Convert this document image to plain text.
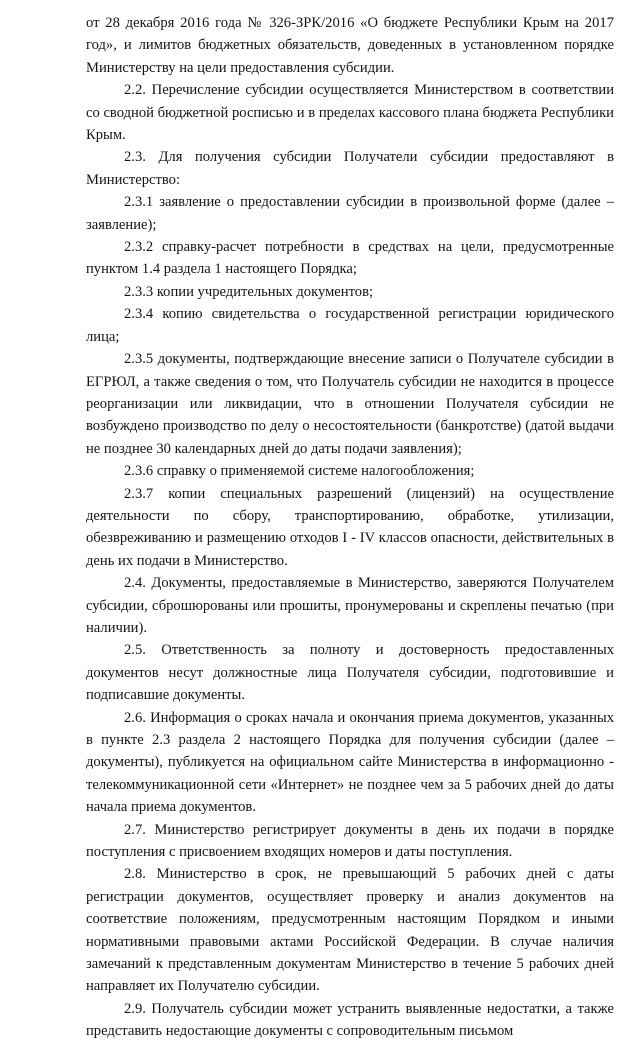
от 28 декабря 2016 года № 326-ЗРК/2016 «О бюджете Республики Крым на 2017 год», и лимитов бюджетных обязательств, доведенных в установленном порядке Министерству на цели предоставления субсидии.

2.2. Перечисление субсидии осуществляется Министерством в соответствии со сводной бюджетной росписью и в пределах кассового плана бюджета Республики Крым.

2.3. Для получения субсидии Получатели субсидии предоставляют в Министерство:

2.3.1 заявление о предоставлении субсидии в произвольной форме (далее – заявление);

2.3.2 справку-расчет потребности в средствах на цели, предусмотренные пунктом 1.4 раздела 1 настоящего Порядка;

2.3.3 копии учредительных документов;

2.3.4 копию свидетельства о государственной регистрации юридического лица;

2.3.5 документы, подтверждающие внесение записи о Получателе субсидии в ЕГРЮЛ, а также сведения о том, что Получатель субсидии не находится в процессе реорганизации или ликвидации, что в отношении Получателя субсидии не возбуждено производство по делу о несостоятельности (банкротстве) (датой выдачи не позднее 30 календарных дней до даты подачи заявления);

2.3.6 справку о применяемой системе налогообложения;

2.3.7 копии специальных разрешений (лицензий) на осуществление деятельности по сбору, транспортированию, обработке, утилизации, обезвреживанию и размещению отходов I - IV классов опасности, действительных в день их подачи в Министерство.

2.4. Документы, предоставляемые в Министерство, заверяются Получателем субсидии, сброшюрованы или прошиты, пронумерованы и скреплены печатью (при наличии).

2.5. Ответственность за полноту и достоверность предоставленных документов несут должностные лица Получателя субсидии, подготовившие и подписавшие документы.

2.6. Информация о сроках начала и окончания приема документов, указанных в пункте 2.3 раздела 2 настоящего Порядка для получения субсидии (далее – документы), публикуется на официальном сайте Министерства в информационно - телекоммуникационной сети «Интернет» не позднее чем за 5 рабочих дней до даты начала приема документов.

2.7. Министерство регистрирует документы в день их подачи в порядке поступления с присвоением входящих номеров и даты поступления.

2.8. Министерство в срок, не превышающий 5 рабочих дней с даты регистрации документов, осуществляет проверку и анализ документов на соответствие положениям, предусмотренным настоящим Порядком и иными нормативными правовыми актами Российской Федерации. В случае наличия замечаний к представленным документам Министерство в течение 5 рабочих дней направляет их Получателю субсидии.

2.9. Получатель субсидии может устранить выявленные недостатки, а также представить недостающие документы с сопроводительным письмом
